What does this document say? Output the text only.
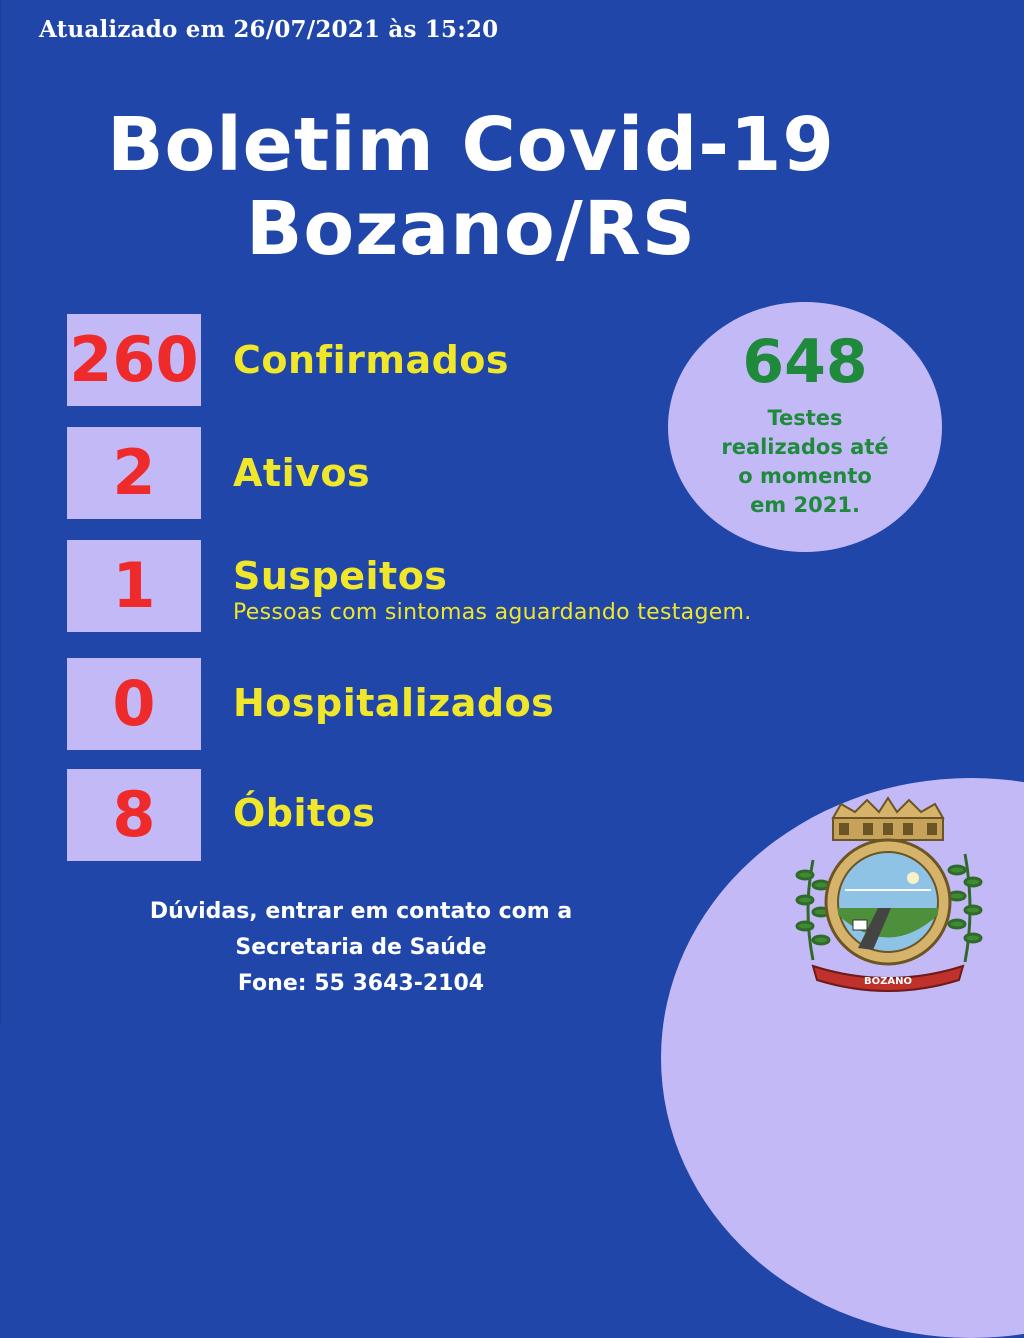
Atualizado em 26/07/2021 às 15:20
Boletim Covid-19
Bozano/RS
260 Confirmados
2 Ativos
1 Suspeitos
Pessoas com sintomas aguardando testagem.
0 Hospitalizados
8 Óbitos
648
Testes
realizados até
o momento
em 2021.
Dúvidas, entrar em contato com a
Secretaria de Saúde
Fone: 55 3643-2104	BOZANO
